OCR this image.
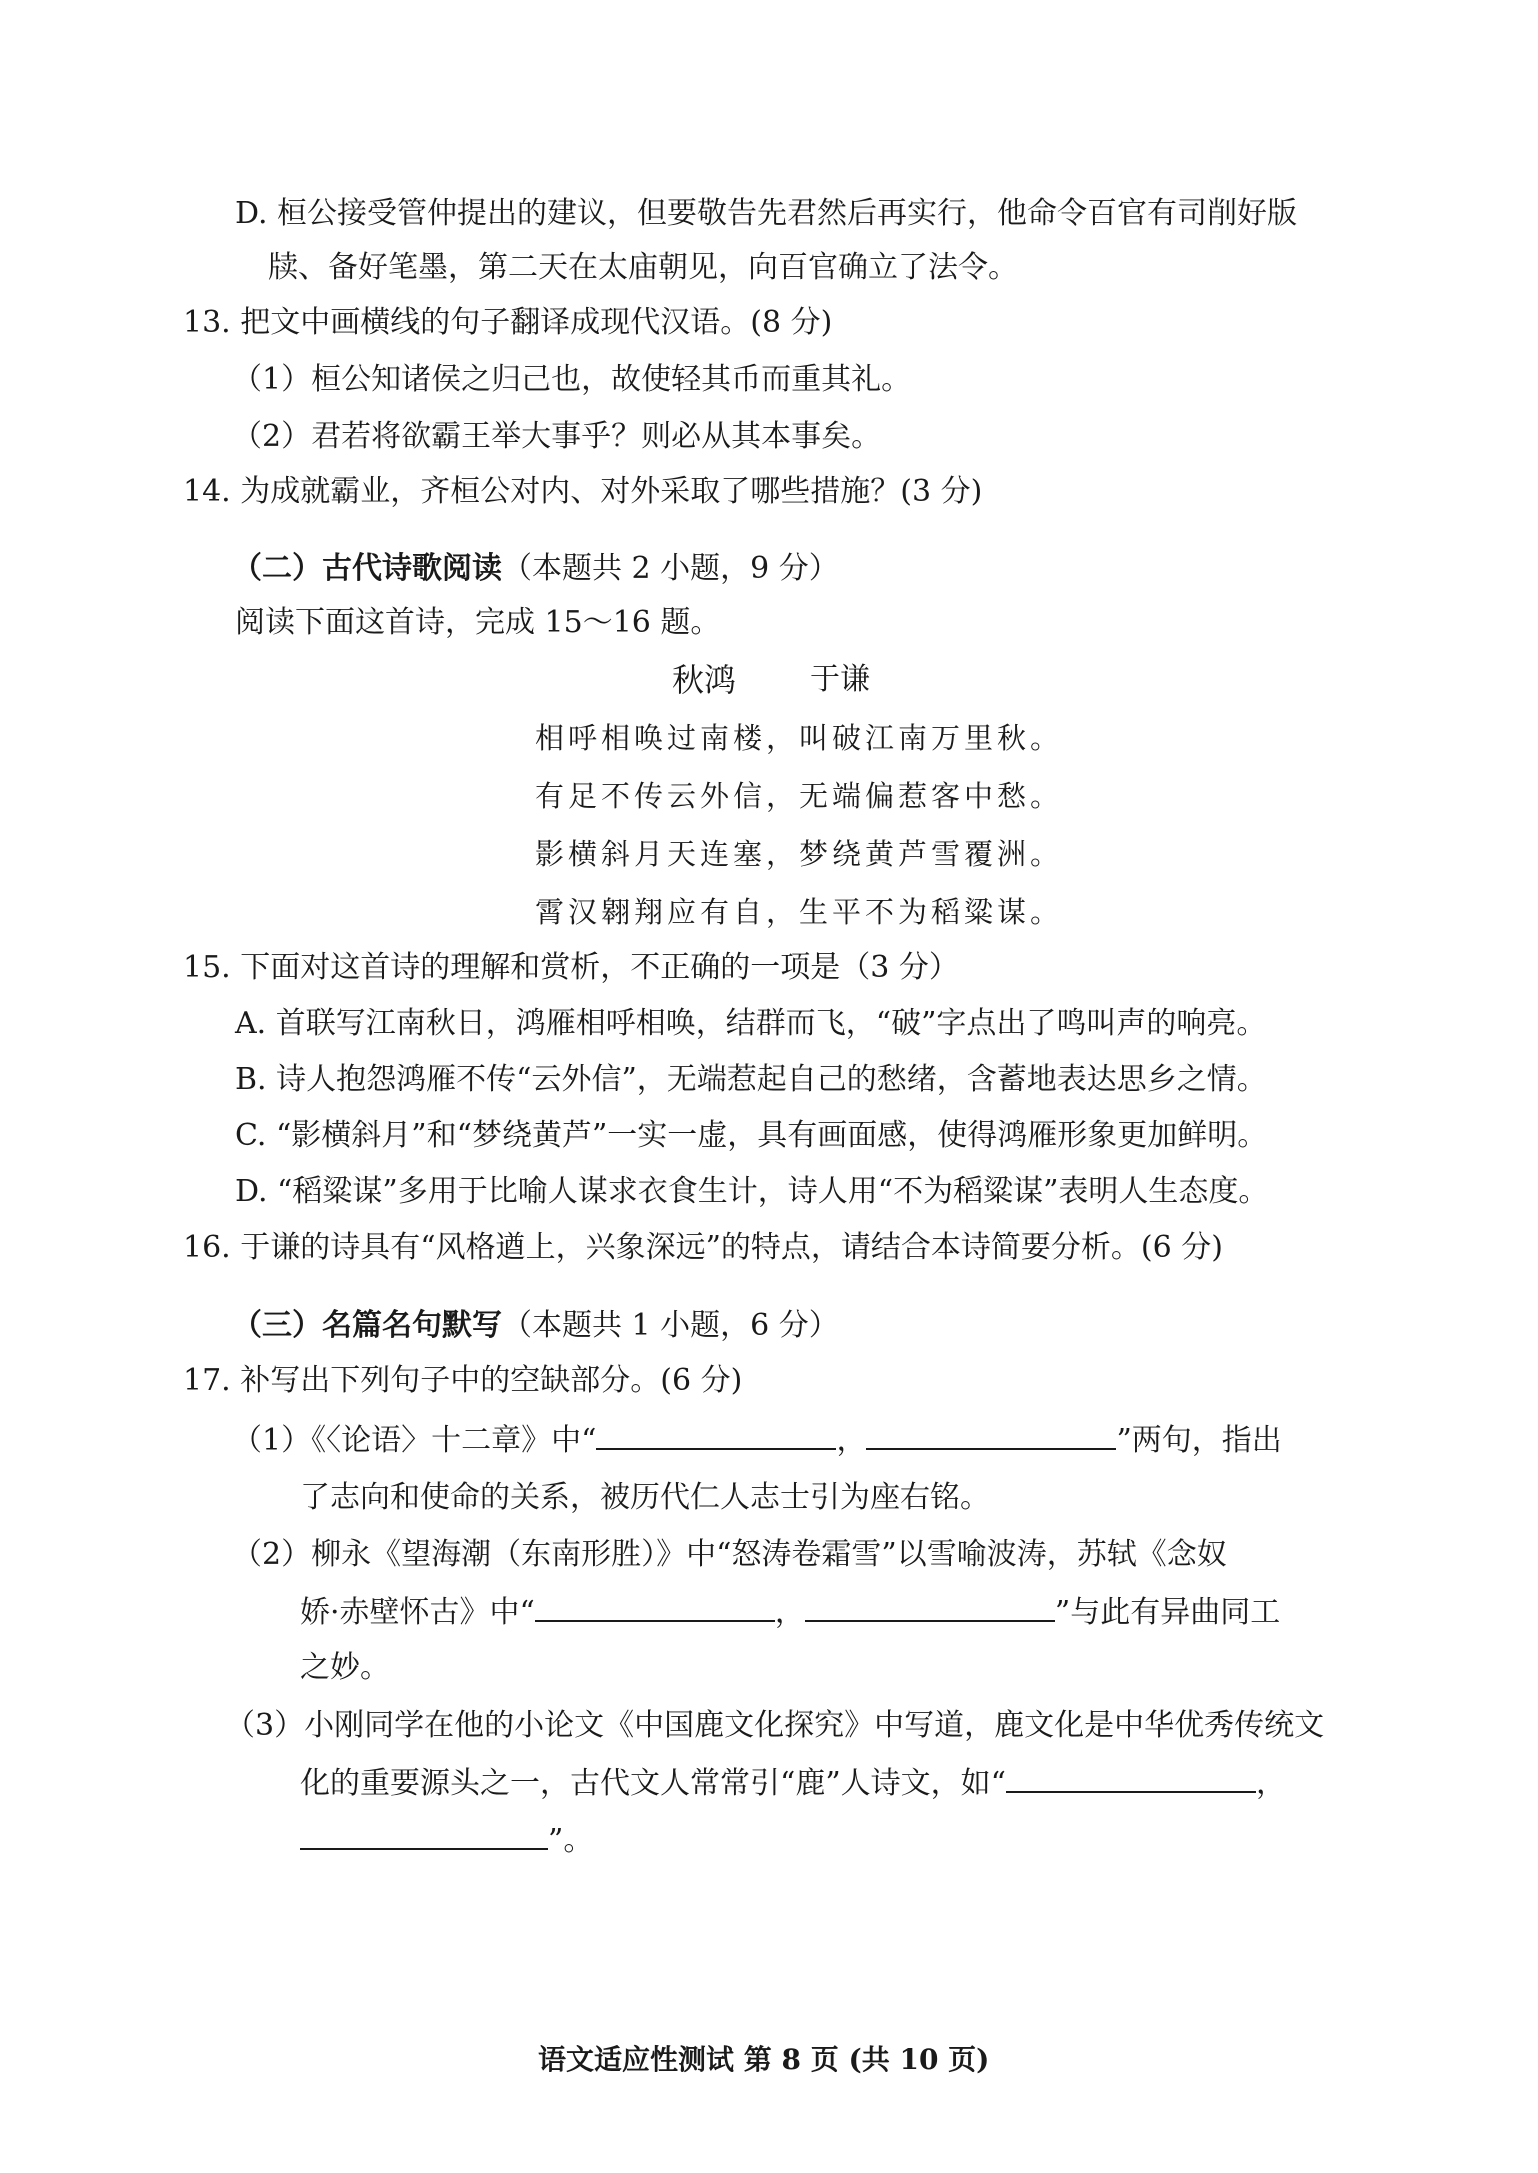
D. 桓公接受管仲提出的建议，但要敬告先君然后再实行，他命令百官有司削好版
牍、备好笔墨，第二天在太庙朝见，向百官确立了法令。
13. 把文中画横线的句子翻译成现代汉语。(8 分)
（1）桓公知诸侯之归己也，故使轻其币而重其礼。
（2）君若将欲霸王举大事乎？则必从其本事矣。
14. 为成就霸业，齐桓公对内、对外采取了哪些措施？(3 分)
（二）古代诗歌阅读（本题共 2 小题，9 分）
阅读下面这首诗，完成 15～16 题。
秋鸿 于谦
相呼相唤过南楼，叫破江南万里秋。
有足不传云外信，无端偏惹客中愁。
影横斜月天连塞，梦绕黄芦雪覆洲。
霄汉翱翔应有自，生平不为稻粱谋。
15. 下面对这首诗的理解和赏析，不正确的一项是（3 分）
A. 首联写江南秋日，鸿雁相呼相唤，结群而飞，“破”字点出了鸣叫声的响亮。
B. 诗人抱怨鸿雁不传“云外信”，无端惹起自己的愁绪，含蓄地表达思乡之情。
C. “影横斜月”和“梦绕黄芦”一实一虚，具有画面感，使得鸿雁形象更加鲜明。
D. “稻粱谋”多用于比喻人谋求衣食生计，诗人用“不为稻粱谋”表明人生态度。
16. 于谦的诗具有“风格遒上，兴象深远”的特点，请结合本诗简要分析。(6 分)
（三）名篇名句默写（本题共 1 小题，6 分）
17. 补写出下列句子中的空缺部分。(6 分)
（1）《〈论语〉十二章》中“	，	”两句，指出
了志向和使命的关系，被历代仁人志士引为座右铭。
（2）柳永《望海潮（东南形胜）》中“怒涛卷霜雪”以雪喻波涛，苏轼《念奴
娇·赤壁怀古》中“	，	”与此有异曲同工
之妙。
（3）小刚同学在他的小论文《中国鹿文化探究》中写道，鹿文化是中华优秀传统文
化的重要源头之一，古代文人常常引“鹿”人诗文，如“	，
”。
语文适应性测试 第 8 页 (共 10 页)
